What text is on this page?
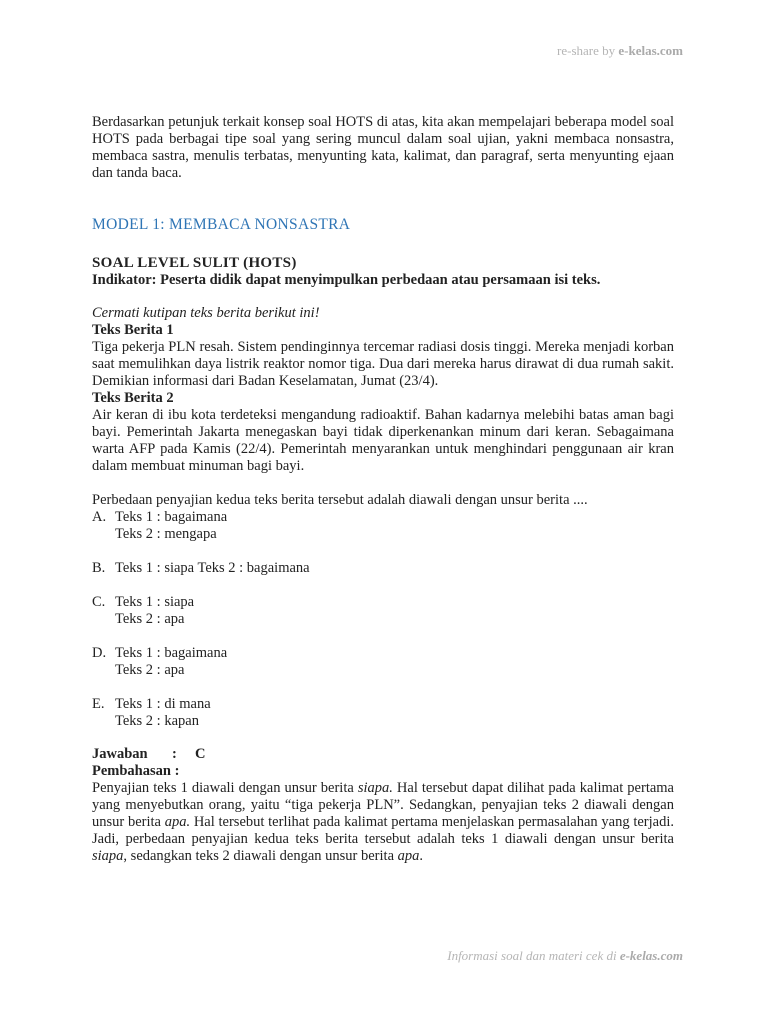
re-share by e-kelas.com

Berdasarkan petunjuk terkait konsep soal HOTS di atas, kita akan mempelajari beberapa model soal HOTS pada berbagai tipe soal yang sering muncul dalam soal ujian, yakni membaca nonsastra, membaca sastra, menulis terbatas, menyunting kata, kalimat, dan paragraf, serta menyunting ejaan dan tanda baca.

MODEL 1: MEMBACA NONSASTRA

SOAL LEVEL SULIT (HOTS)

Indikator: Peserta didik dapat menyimpulkan perbedaan atau persamaan isi teks.

Cermati kutipan teks berita berikut ini!

Teks Berita 1

Tiga pekerja PLN resah. Sistem pendinginnya tercemar radiasi dosis tinggi. Mereka menjadi korban saat memulihkan daya listrik reaktor nomor tiga. Dua dari mereka harus dirawat di dua rumah sakit. Demikian informasi dari Badan Keselamatan, Jumat (23/4).

Teks Berita 2

Air keran di ibu kota terdeteksi mengandung radioaktif. Bahan kadarnya melebihi batas aman bagi bayi. Pemerintah Jakarta menegaskan bayi tidak diperkenankan minum dari keran. Sebagaimana warta AFP pada Kamis (22/4). Pemerintah menyarankan untuk menghindari penggunaan air kran dalam membuat minuman bagi bayi.

Perbedaan penyajian kedua teks berita tersebut adalah diawali dengan unsur berita ....

A. Teks 1 : bagaimana
Teks 2 : mengapa
B. Teks 1 : siapa Teks 2 : bagaimana
C. Teks 1 : siapa
Teks 2 : apa
D. Teks 1 : bagaimana
Teks 2 : apa
E. Teks 1 : di mana
Teks 2 : kapan
Jawaban	:	C

Pembahasan :

Penyajian teks 1 diawali dengan unsur berita siapa. Hal tersebut dapat dilihat pada kalimat pertama yang menyebutkan orang, yaitu “tiga pekerja PLN”. Sedangkan, penyajian teks 2 diawali dengan unsur berita apa. Hal tersebut terlihat pada kalimat pertama menjelaskan permasalahan yang terjadi. Jadi, perbedaan penyajian kedua teks berita tersebut adalah teks 1 diawali dengan unsur berita siapa, sedangkan teks 2 diawali dengan unsur berita apa.

Informasi soal dan materi cek di e-kelas.com
